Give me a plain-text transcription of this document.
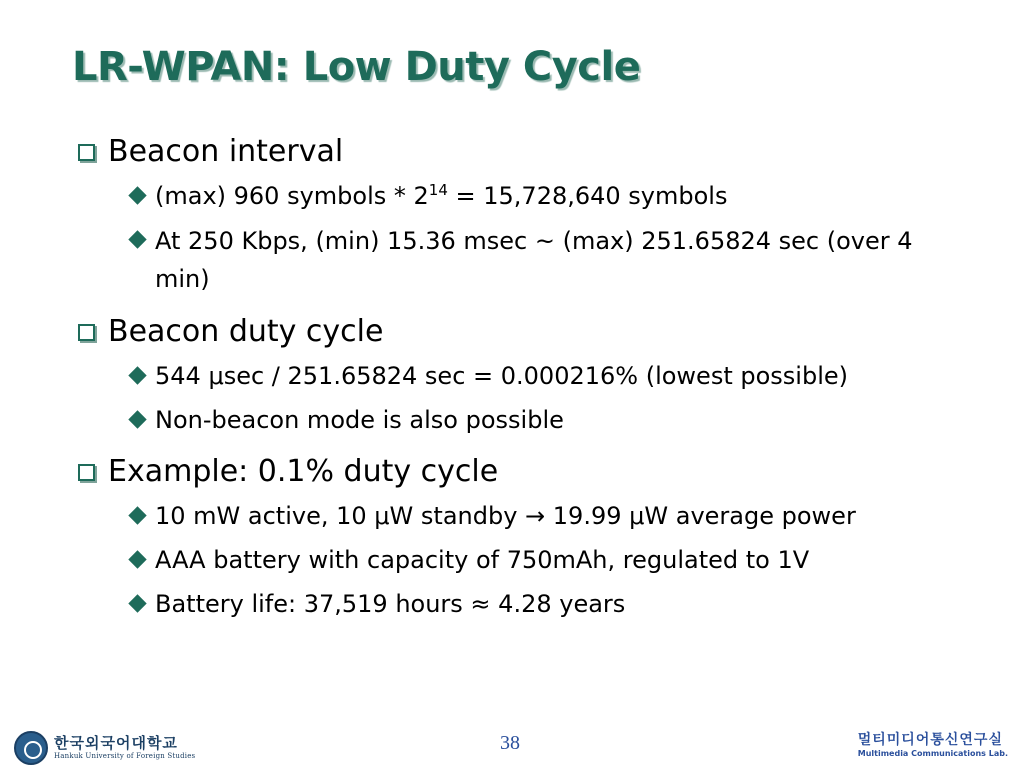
LR-WPAN: Low Duty Cycle
Beacon interval
(max) 960 symbols * $2^{14} = 15,728,640$ symbols
At 250 Kbps, (min) 15.36 msec ~ (max) 251.65824 sec (over 4 min)
Beacon duty cycle
544 μsec / 251.65824 sec = 0.000216% (lowest possible)
Non-beacon mode is also possible
Example: 0.1% duty cycle
10 mW active, 10 μW standby → 19.99 μW average power
AAA battery with capacity of 750mAh, regulated to 1V
Battery life: 37,519 hours ≈ 4.28 years
한국외국어대학교
Hankuk University of Foreign Studies
38	멀티미디어통신연구실
Multimedia Communications Lab.
